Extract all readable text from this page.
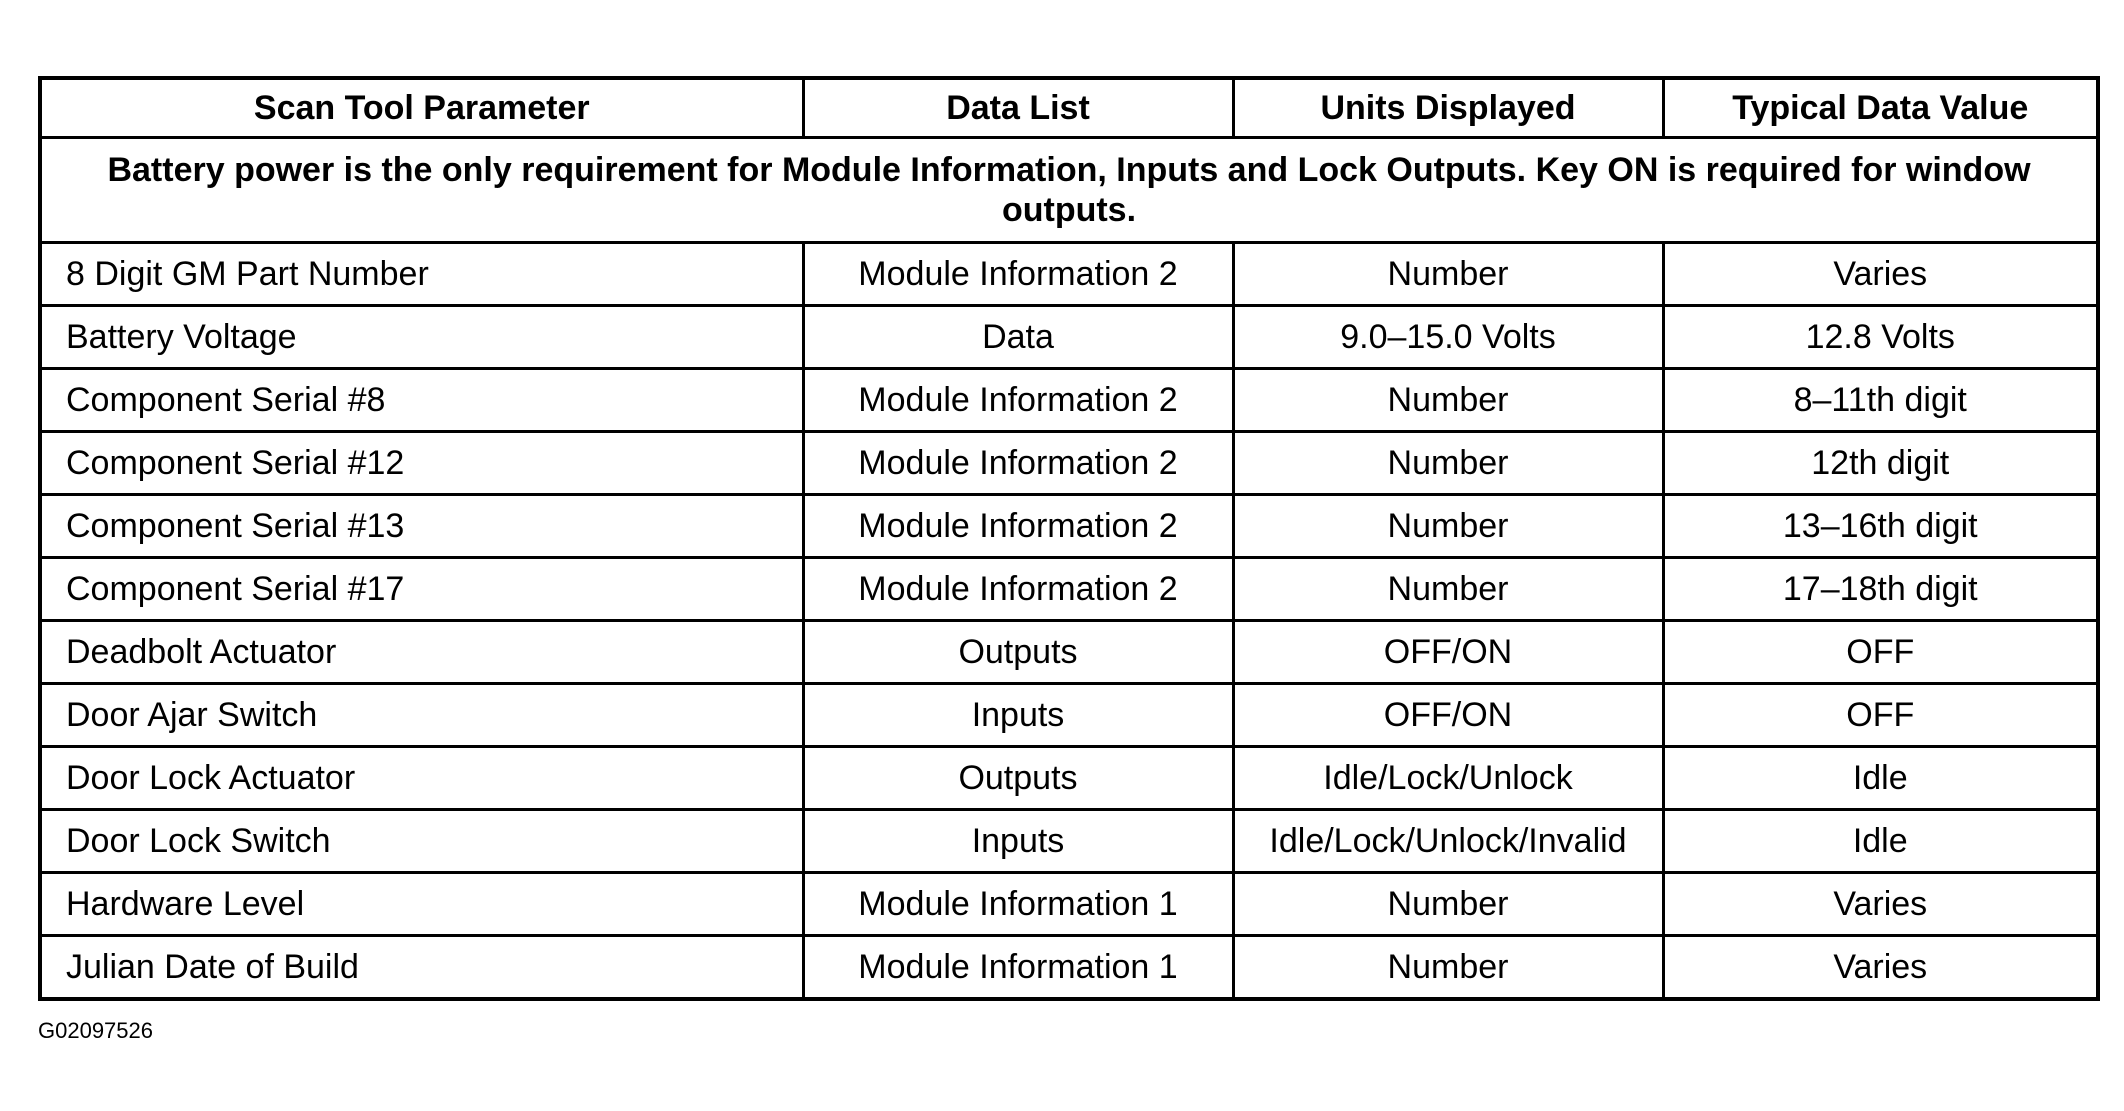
Scan Tool Parameter	Data List	Units Displayed	Typical Data Value
Battery power is the only requirement for Module Information, Inputs and Lock Outputs. Key ON is required for window outputs.			
8 Digit GM Part Number	Module Information 2	Number	Varies
Battery Voltage	Data	9.0–15.0 Volts	12.8 Volts
Component Serial #8	Module Information 2	Number	8–11th digit
Component Serial #12	Module Information 2	Number	12th digit
Component Serial #13	Module Information 2	Number	13–16th digit
Component Serial #17	Module Information 2	Number	17–18th digit
Deadbolt Actuator	Outputs	OFF/ON	OFF
Door Ajar Switch	Inputs	OFF/ON	OFF
Door Lock Actuator	Outputs	Idle/Lock/Unlock	Idle
Door Lock Switch	Inputs	Idle/Lock/Unlock/Invalid	Idle
Hardware Level	Module Information 1	Number	Varies
Julian Date of Build	Module Information 1	Number	Varies
G02097526
